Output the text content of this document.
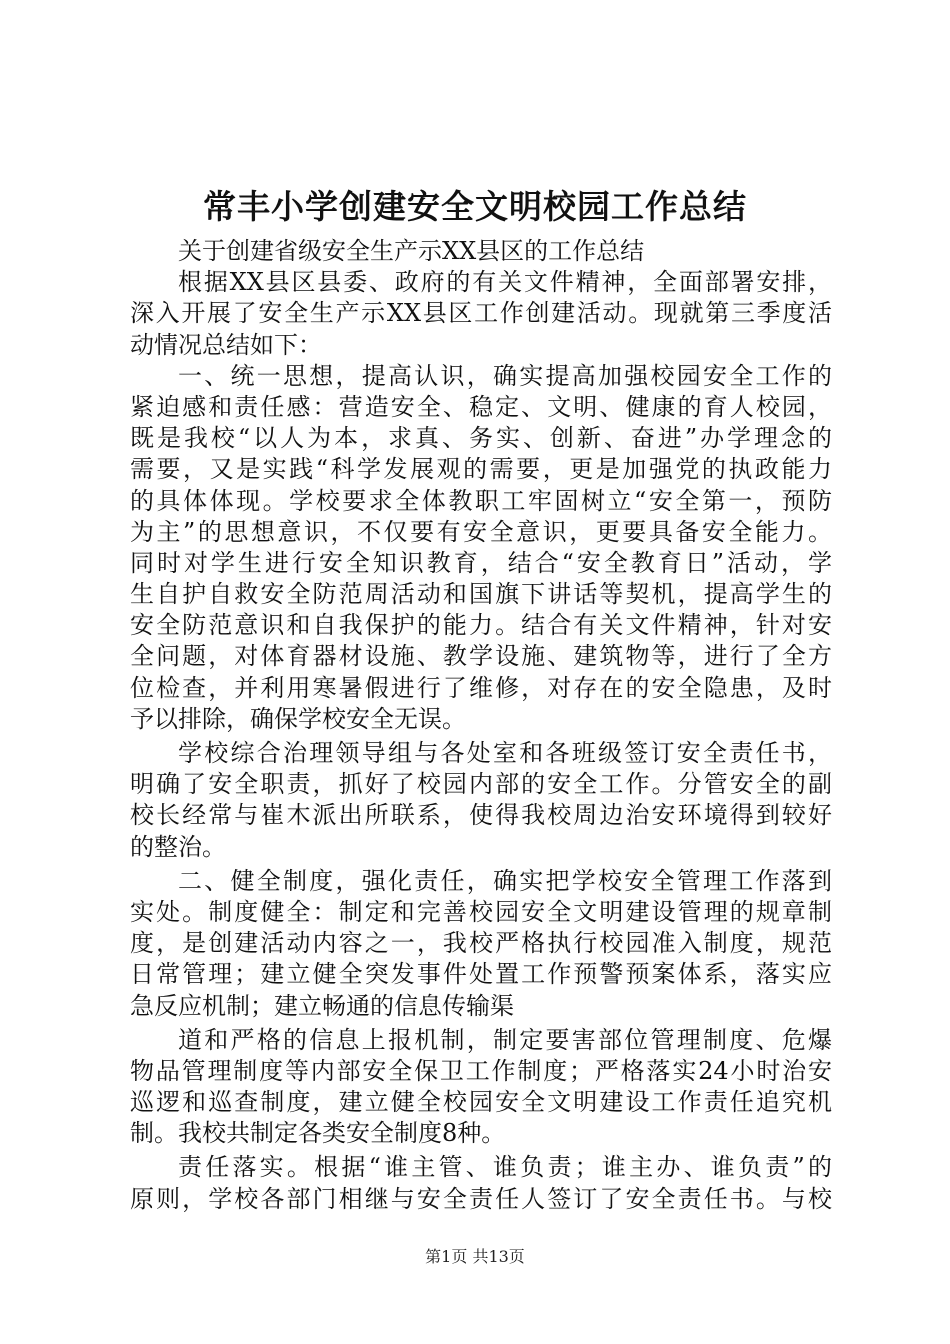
常丰小学创建安全文明校园工作总结
关于创建省级安全生产示XX县区的工作总结
根据XX县区县委、政府的有关文件精神，全面部署安排，
深入开展了安全生产示XX县区工作创建活动。现就第三季度活
动情况总结如下：
一、统一思想，提高认识，确实提高加强校园安全工作的
紧迫感和责任感：营造安全、稳定、文明、健康的育人校园，
既是我校“以人为本，求真、务实、创新、奋进”办学理念的
需要，又是实践“科学发展观的需要，更是加强党的执政能力
的具体体现。学校要求全体教职工牢固树立“安全第一，预防
为主”的思想意识，不仅要有安全意识，更要具备安全能力。
同时对学生进行安全知识教育，结合“安全教育日”活动，学
生自护自救安全防范周活动和国旗下讲话等契机，提高学生的
安全防范意识和自我保护的能力。结合有关文件精神，针对安
全问题，对体育器材设施、教学设施、建筑物等，进行了全方
位检查，并利用寒暑假进行了维修，对存在的安全隐患，及时
予以排除，确保学校安全无误。
学校综合治理领导组与各处室和各班级签订安全责任书，
明确了安全职责，抓好了校园内部的安全工作。分管安全的副
校长经常与崔木派出所联系，使得我校周边治安环境得到较好
的整治。
二、健全制度，强化责任，确实把学校安全管理工作落到
实处。制度健全：制定和完善校园安全文明建设管理的规章制
度，是创建活动内容之一，我校严格执行校园准入制度，规范
日常管理；建立健全突发事件处置工作预警预案体系，落实应
急反应机制；建立畅通的信息传输渠
道和严格的信息上报机制，制定要害部位管理制度、危爆
物品管理制度等内部安全保卫工作制度；严格落实24小时治安
巡逻和巡查制度，建立健全校园安全文明建设工作责任追究机
制。我校共制定各类安全制度8种。
责任落实。根据“谁主管、谁负责；谁主办、谁负责”的
原则，学校各部门相继与安全责任人签订了安全责任书。与校
第1页 共13页
